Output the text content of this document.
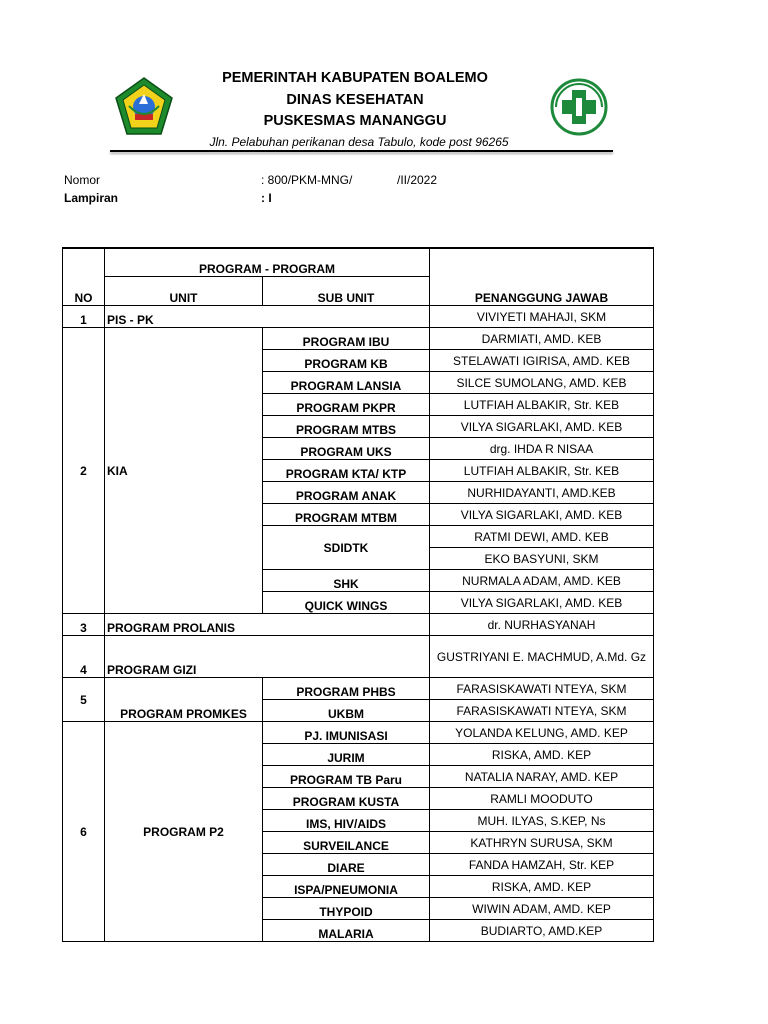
PEMERINTAH KABUPATEN BOALEMO
DINAS KESEHATAN
PUSKESMAS MANANGGU
Jln. Pelabuhan perikanan desa Tabulo, kode post 96265
Nomor	: 800/PKM-MNG/	/II/2022
Lampiran	: I
NO	PROGRAM - PROGRAM		PENANGGUNG JAWAB
	UNIT	SUB UNIT	
1	PIS - PK		VIVIYETI MAHAJI, SKM
2	KIA	PROGRAM IBU	DARMIATI, AMD. KEB
		PROGRAM KB	STELAWATI IGIRISA, AMD. KEB
		PROGRAM LANSIA	SILCE SUMOLANG, AMD. KEB
		PROGRAM PKPR	LUTFIAH ALBAKIR, Str. KEB
		PROGRAM MTBS	VILYA SIGARLAKI, AMD. KEB
		PROGRAM UKS	drg. IHDA R NISAA
		PROGRAM KTA/ KTP	LUTFIAH ALBAKIR, Str. KEB
		PROGRAM ANAK	NURHIDAYANTI, AMD.KEB
		PROGRAM MTBM	VILYA SIGARLAKI, AMD. KEB
		SDIDTK	RATMI DEWI, AMD. KEB
			EKO BASYUNI, SKM
		SHK	NURMALA ADAM, AMD. KEB
		QUICK WINGS	VILYA SIGARLAKI, AMD. KEB
3	PROGRAM PROLANIS		dr. NURHASYANAH
4	PROGRAM GIZI		GUSTRIYANI E. MACHMUD, A.Md. Gz
5	PROGRAM PROMKES	PROGRAM PHBS	FARASISKAWATI NTEYA, SKM
		UKBM	FARASISKAWATI NTEYA, SKM
6	PROGRAM P2	PJ. IMUNISASI	YOLANDA KELUNG, AMD. KEP
		JURIM	RISKA, AMD. KEP
		PROGRAM TB Paru	NATALIA NARAY, AMD. KEP
		PROGRAM KUSTA	RAMLI MOODUTO
		IMS, HIV/AIDS	MUH. ILYAS, S.KEP, Ns
		SURVEILANCE	KATHRYN SURUSA, SKM
		DIARE	FANDA HAMZAH, Str. KEP
		ISPA/PNEUMONIA	RISKA, AMD. KEP
		THYPOID	WIWIN ADAM, AMD. KEP
		MALARIA	BUDIARTO, AMD.KEP
